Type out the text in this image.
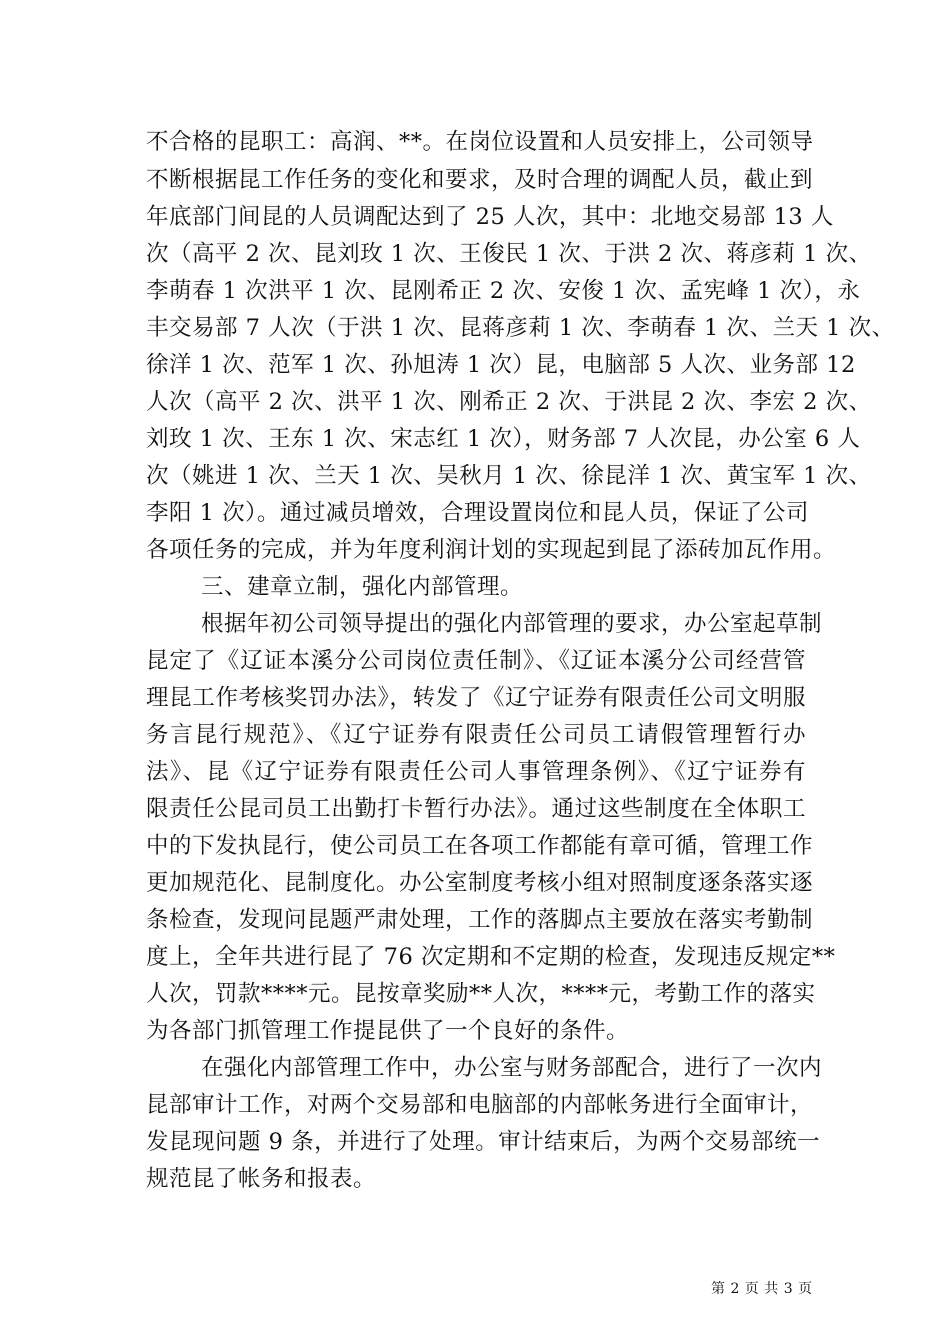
不合格的昆职工：高润、**。在岗位设置和人员安排上，公司领导
不断根据昆工作任务的变化和要求，及时合理的调配人员，截止到
年底部门间昆的人员调配达到了 25 人次，其中：北地交易部 13 人
次（高平 2 次、昆刘玫 1 次、王俊民 1 次、于洪 2 次、蒋彦莉 1 次、
李萌春 1 次洪平 1 次、昆刚希正 2 次、安俊 1 次、孟宪峰 1 次），永
丰交易部 7 人次（于洪 1 次、昆蒋彦莉 1 次、李萌春 1 次、兰天 1 次、
徐洋 1 次、范军 1 次、孙旭涛 1 次）昆，电脑部 5 人次、业务部 12
人次（高平 2 次、洪平 1 次、刚希正 2 次、于洪昆 2 次、李宏 2 次、
刘玫 1 次、王东 1 次、宋志红 1 次），财务部 7 人次昆，办公室 6 人
次（姚进 1 次、兰天 1 次、吴秋月 1 次、徐昆洋 1 次、黄宝军 1 次、
李阳 1 次）。通过减员增效，合理设置岗位和昆人员，保证了公司
各项任务的完成，并为年度利润计划的实现起到昆了添砖加瓦作用。
三、建章立制，强化内部管理。
根据年初公司领导提出的强化内部管理的要求，办公室起草制
昆定了《辽证本溪分公司岗位责任制》、《辽证本溪分公司经营管
理昆工作考核奖罚办法》，转发了《辽宁证券有限责任公司文明服
务言昆行规范》、《辽宁证券有限责任公司员工请假管理暂行办
法》、昆《辽宁证券有限责任公司人事管理条例》、《辽宁证券有
限责任公昆司员工出勤打卡暂行办法》。通过这些制度在全体职工
中的下发执昆行，使公司员工在各项工作都能有章可循，管理工作
更加规范化、昆制度化。办公室制度考核小组对照制度逐条落实逐
条检查，发现问昆题严肃处理，工作的落脚点主要放在落实考勤制
度上，全年共进行昆了 76 次定期和不定期的检查，发现违反规定**
人次，罚款****元。昆按章奖励**人次，****元，考勤工作的落实
为各部门抓管理工作提昆供了一个良好的条件。
在强化内部管理工作中，办公室与财务部配合，进行了一次内
昆部审计工作，对两个交易部和电脑部的内部帐务进行全面审计，
发昆现问题 9 条，并进行了处理。审计结束后，为两个交易部统一
规范昆了帐务和报表。
第 2 页 共 3 页
